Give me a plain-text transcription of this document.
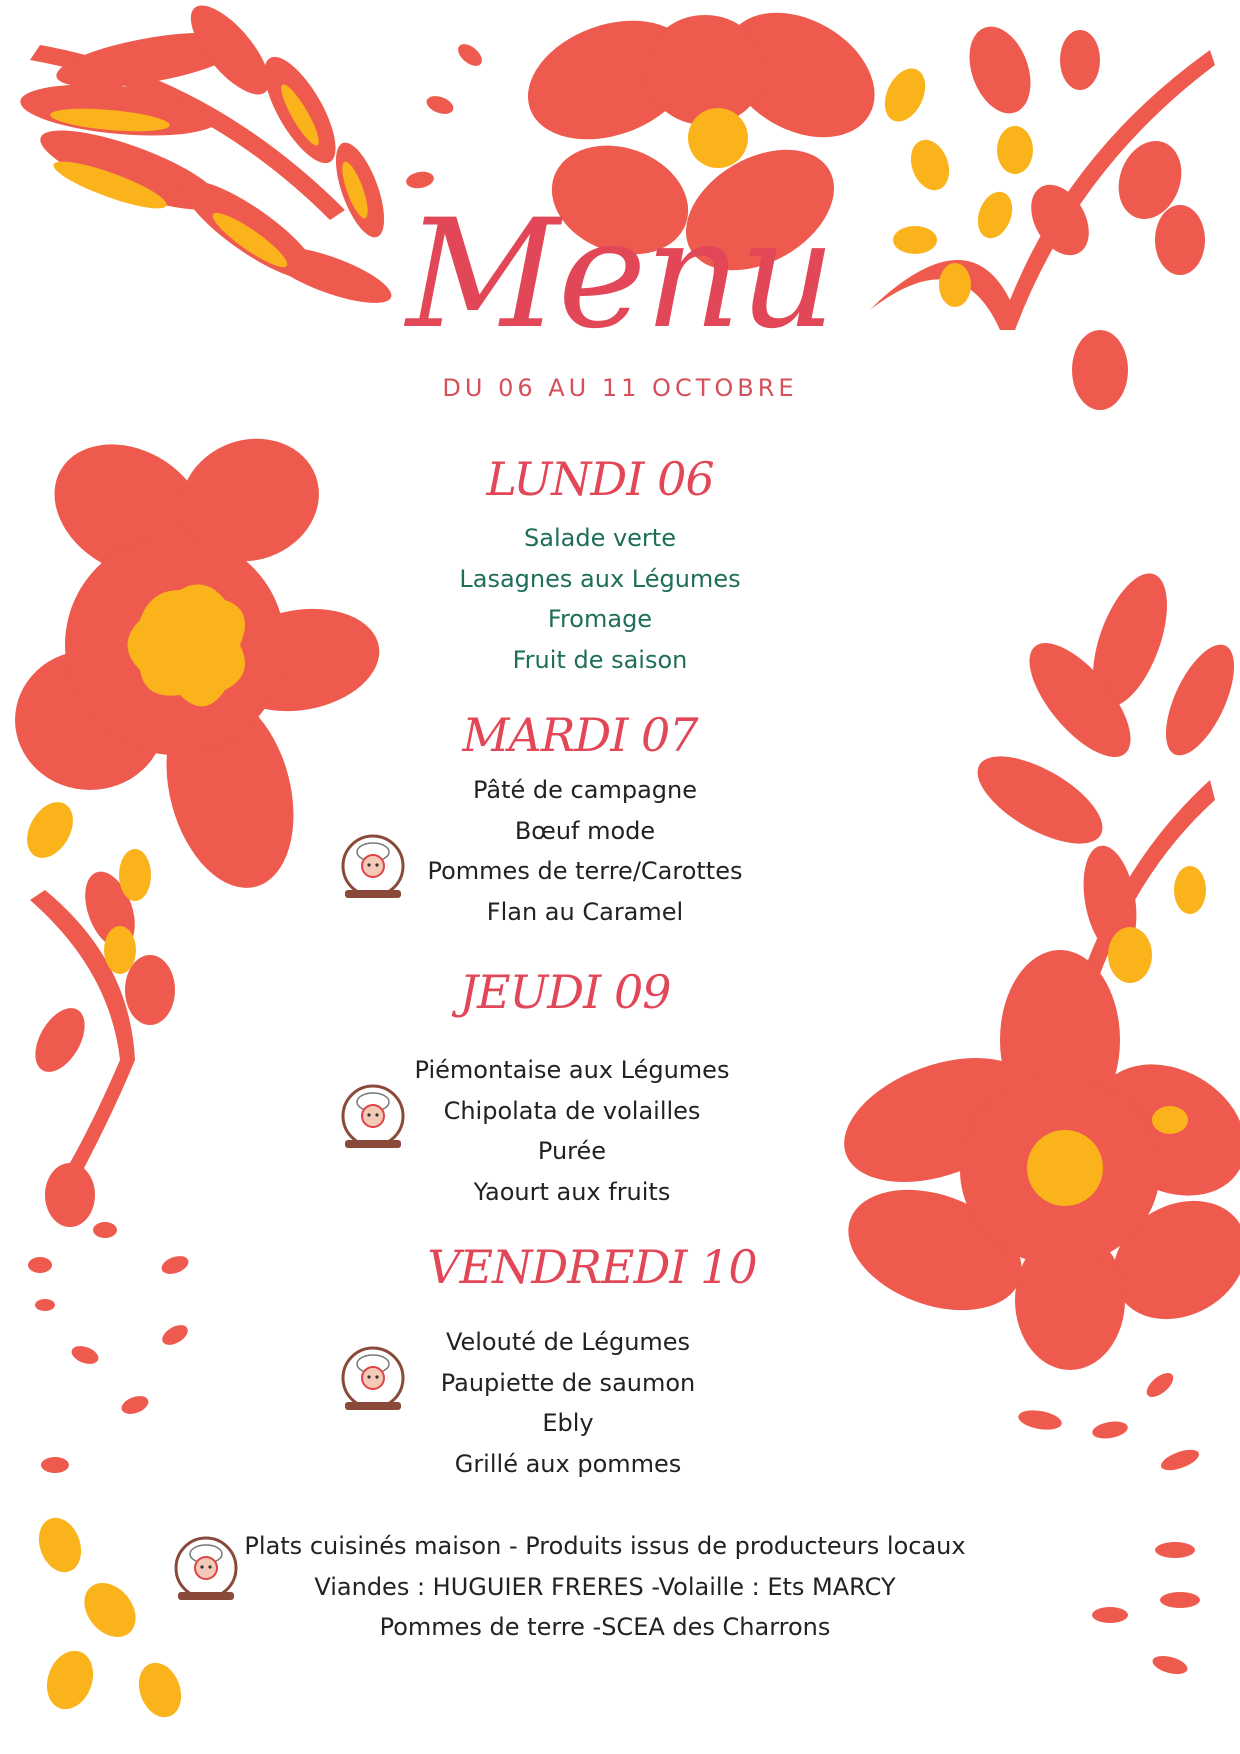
Menu
DU 06 AU 11 OCTOBRE
LUNDI 06
Salade verte
Lasagnes aux Légumes
Fromage
Fruit de saison
MARDI 07
Pâté de campagne
Bœuf mode
Pommes de terre/Carottes
Flan au Caramel
JEUDI 09
Piémontaise aux Légumes
Chipolata de volailles
Purée
Yaourt aux fruits
VENDREDI 10
Velouté de Légumes
Paupiette de saumon
Ebly
Grillé aux pommes
Plats cuisinés maison - Produits issus de producteurs locaux
Viandes : HUGUIER FRERES -Volaille : Ets MARCY
Pommes de terre -SCEA des Charrons
